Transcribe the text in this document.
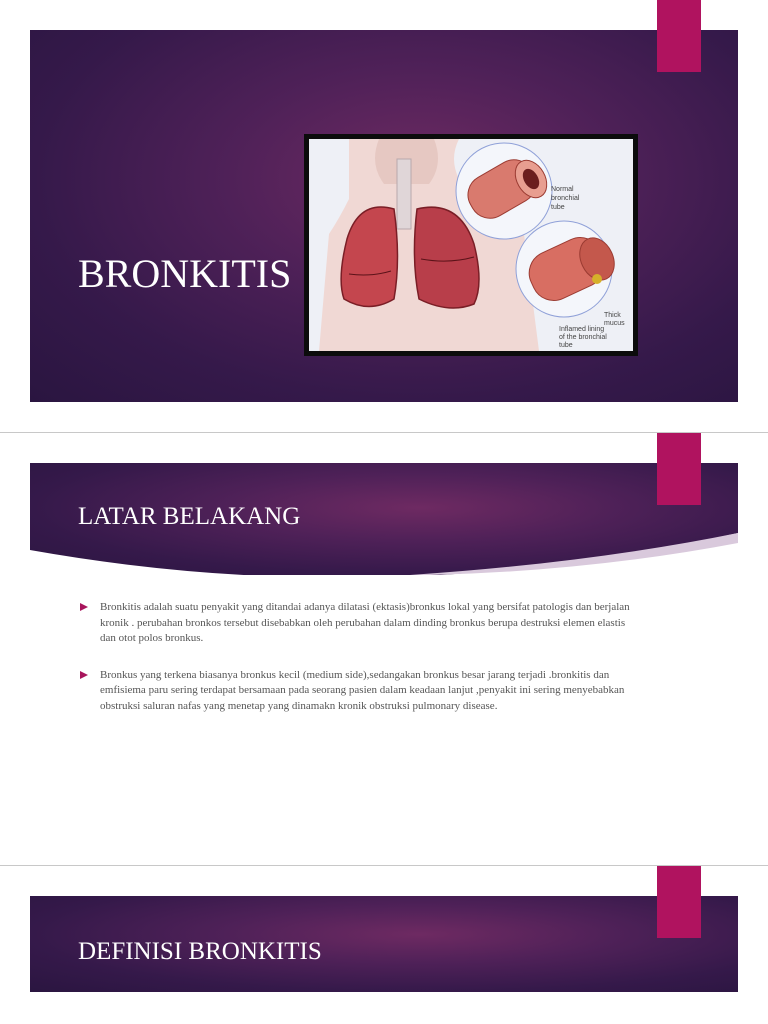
BRONKITIS
Normal
bronchial
tube
Thick
mucus
Inflamed lining
of the bronchial
tube
LATAR BELAKANG
Bronkitis adalah suatu penyakit yang ditandai adanya dilatasi (ektasis)bronkus lokal yang bersifat patologis dan berjalan kronik . perubahan bronkos tersebut disebabkan oleh perubahan dalam dinding bronkus berupa destruksi elemen elastis dan otot polos bronkus.
Bronkus yang terkena biasanya bronkus kecil (medium side),sedangakan bronkus besar jarang terjadi .bronkitis dan emfisiema paru sering terdapat bersamaan pada seorang pasien dalam keadaan lanjut ,penyakit ini sering menyebabkan obstruksi saluran nafas yang menetap yang dinamakn kronik obstruksi pulmonary disease.
DEFINISI BRONKITIS
